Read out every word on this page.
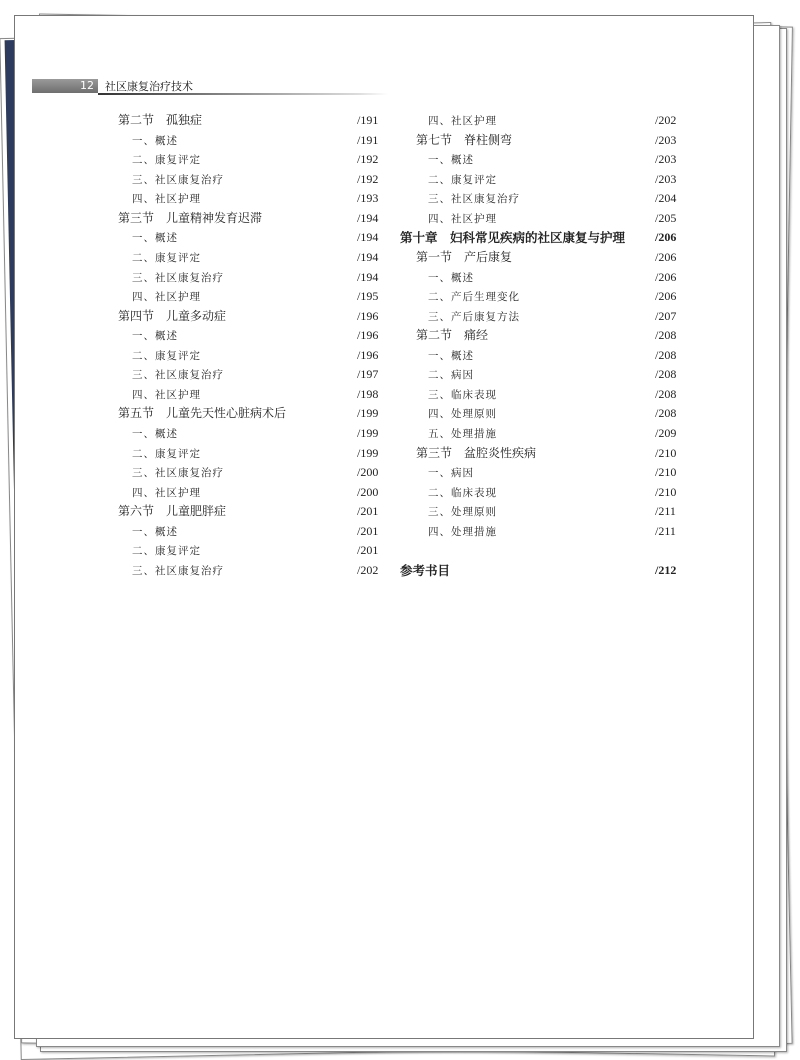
12	社区康复治疗技术
第二节　孤独症	/191
一、概述	/191
二、康复评定	/192
三、社区康复治疗	/192
四、社区护理	/193
第三节　儿童精神发育迟滞	/194
一、概述	/194
二、康复评定	/194
三、社区康复治疗	/194
四、社区护理	/195
第四节　儿童多动症	/196
一、概述	/196
二、康复评定	/196
三、社区康复治疗	/197
四、社区护理	/198
第五节　儿童先天性心脏病术后	/199
一、概述	/199
二、康复评定	/199
三、社区康复治疗	/200
四、社区护理	/200
第六节　儿童肥胖症	/201
一、概述	/201
二、康复评定	/201
三、社区康复治疗	/202
四、社区护理	/202
第七节　脊柱侧弯	/203
一、概述	/203
二、康复评定	/203
三、社区康复治疗	/204
四、社区护理	/205
第十章　妇科常见疾病的社区康复与护理 /206
第一节　产后康复	/206
一、概述	/206
二、产后生理变化	/206
三、产后康复方法	/207
第二节　痛经	/208
一、概述	/208
二、病因	/208
三、临床表现	/208
四、处理原则	/208
五、处理措施	/209
第三节　盆腔炎性疾病	/210
一、病因	/210
二、临床表现	/210
三、处理原则	/211
四、处理措施	/211
参考书目	/212
